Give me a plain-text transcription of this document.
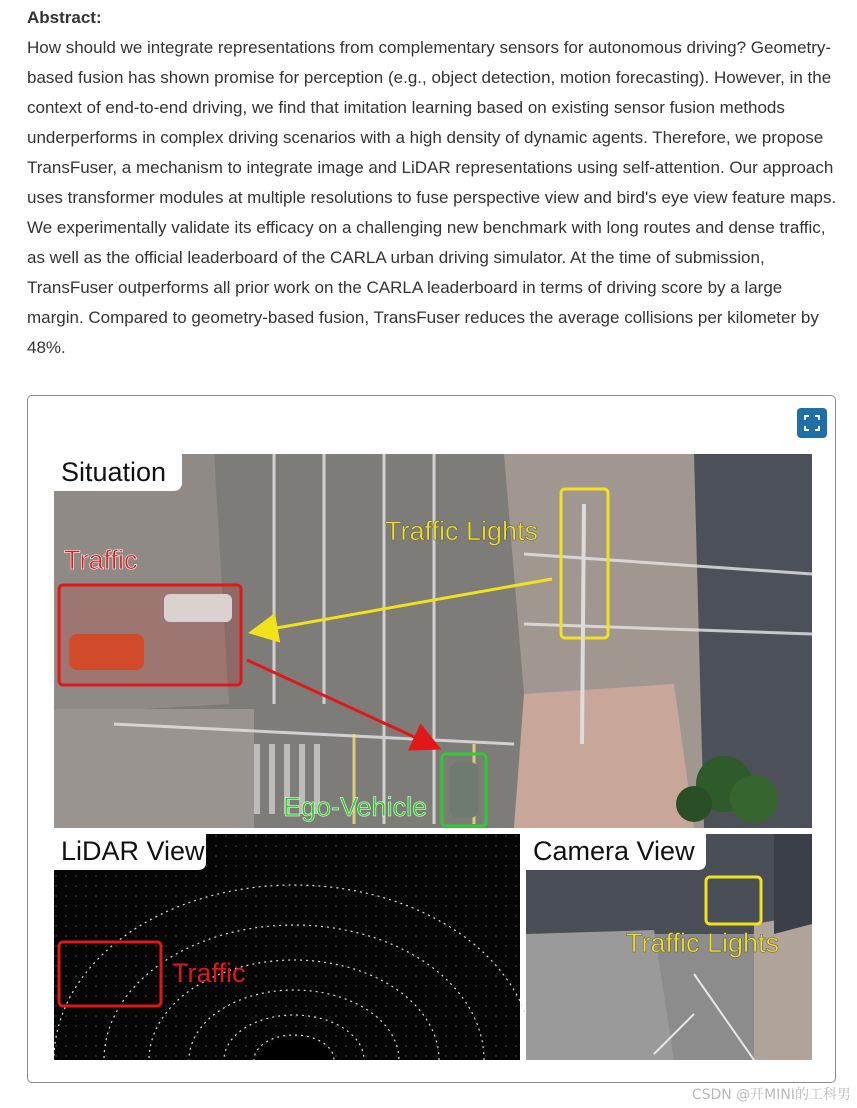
Abstract:
How should we integrate representations from complementary sensors for autonomous driving? Geometry-based fusion has shown promise for perception (e.g., object detection, motion forecasting). However, in the context of end-to-end driving, we find that imitation learning based on existing sensor fusion methods underperforms in complex driving scenarios with a high density of dynamic agents. Therefore, we propose TransFuser, a mechanism to integrate image and LiDAR representations using self-attention. Our approach uses transformer modules at multiple resolutions to fuse perspective view and bird's eye view feature maps. We experimentally validate its efficacy on a challenging new benchmark with long routes and dense traffic, as well as the official leaderboard of the CARLA urban driving simulator. At the time of submission, TransFuser outperforms all prior work on the CARLA leaderboard in terms of driving score by a large margin. Compared to geometry-based fusion, TransFuser reduces the average collisions per kilometer by 48%.
Situation
Traffic
Traffic Lights
Ego-Vehicle
LiDAR View
Traffic
Camera View
Traffic Lights
CSDN @开MINI的工科男
